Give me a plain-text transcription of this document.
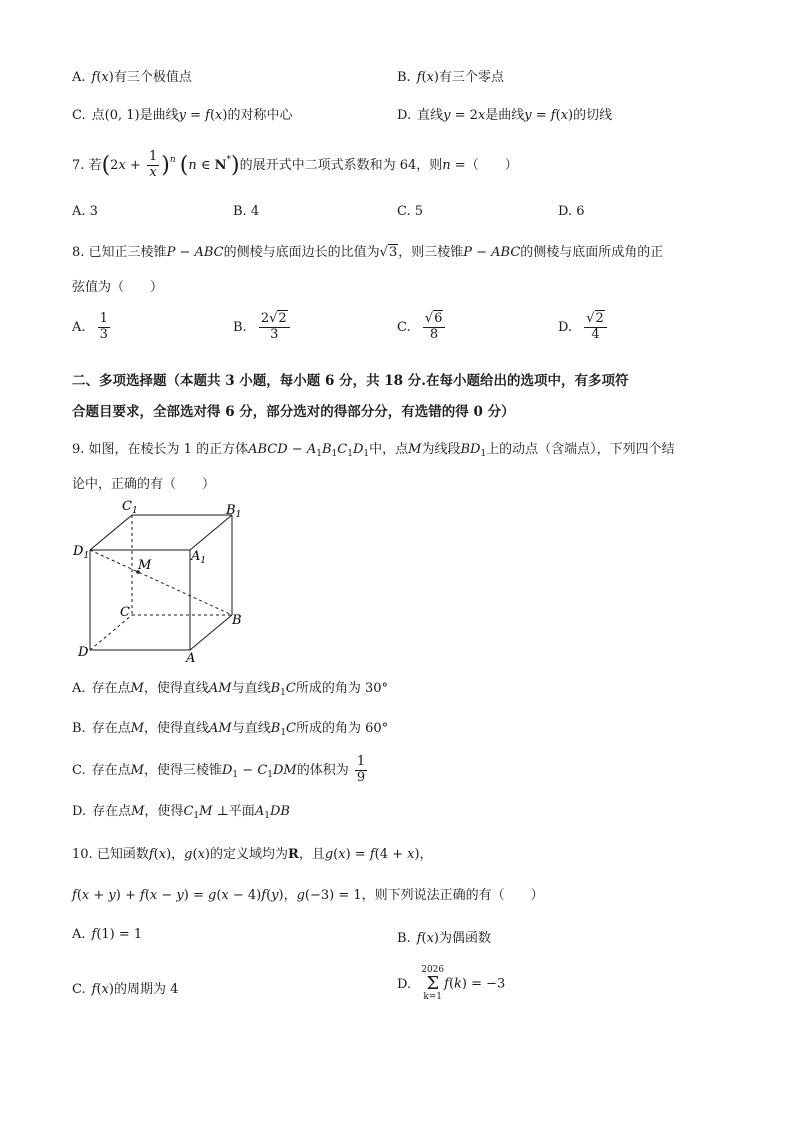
A. f(x)有三个极值点	B. f(x)有三个零点
C. 点(0, 1)是曲线y = f(x)的对称中心	D. 直线y = 2x是曲线y = f(x)的切线
7. 若$(2x + \frac{1}{x} )^n$ (n ∈ N*)的展开式中二项式系数和为 64，则n =（　　）
A. 3	B. 4	C. 5	D. 6
8. 已知正三棱锥P − ABC的侧棱与底面边长的比值为√3，则三棱锥P − ABC的侧棱与底面所成角的正
弦值为（　　）
A. $\frac{1}{3}$	B. $\frac{2√2}{3}$	C. $\frac{√6}{8}$	D. $\frac{√2}{4}$
二、多项选择题（本题共 3 小题，每小题 6 分，共 18 分.在每小题给出的选项中，有多项符
合题目要求，全部选对得 6 分，部分选对的得部分分，有选错的得 0 分）
9. 如图，在棱长为 1 的正方体ABCD − $A_1B_1C_1D_1$中，点M为线段$BD_1$上的动点（含端点），下列四个结
论中，正确的有（　　）
$C_1$	$B_1$
$D_1$	$A_1$
M
C
B
D	A
A. 存在点M，使得直线AM与直线$B_1C$所成的角为 30°
B. 存在点M，使得直线AM与直线$B_1C$所成的角为 60°
C. 存在点M，使得三棱锥$D_1 - C_1DM$的体积为 $\frac{1}{9}$
D. 存在点M，使得$C_1M$ ⊥平面$A_1DB$
10. 已知函数f(x)，g(x)的定义域均为R，且g(x) = f(4 + x)，
f(x + y) + f(x − y) = g(x − 4)f(y)，g(−3) = 1，则下列说法正确的有（　　）
A. f(1) = 1	B. f(x)为偶函数
C. f(x)的周期为 4	D. 2026
Σ
k=1f(k) = −3
